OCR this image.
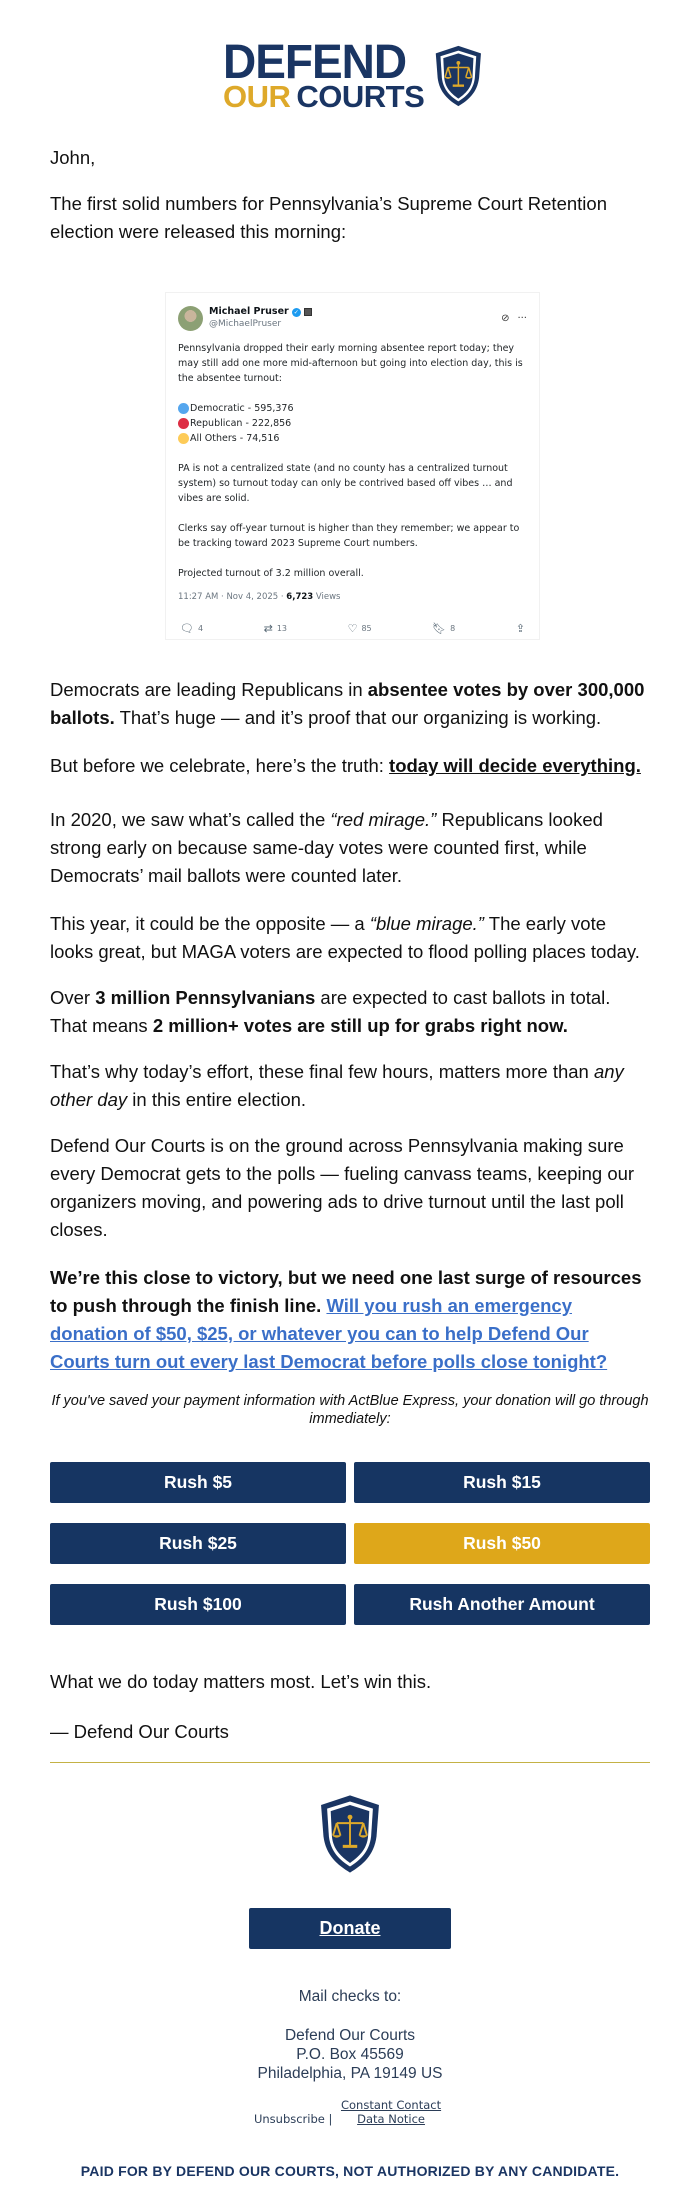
DEFEND
OUR COURTS
John,
The first solid numbers for Pennsylvania’s Supreme Court Retention election were released this morning:
Michael Pruser ✓
@MichaelPruser
⊘ ···

Pennsylvania dropped their early morning absentee report today; they may still add one more mid-afternoon but going into election day, this is the absentee turnout:

Democratic - 595,376
Republican - 222,856
All Others - 74,516

PA is not a centralized state (and no county has a centralized turnout system) so turnout today can only be contrived based off vibes … and vibes are solid.

Clerks say off-year turnout is higher than they remember; we appear to be tracking toward 2023 Supreme Court numbers.

Projected turnout of 3.2 million overall.

11:27 AM · Nov 4, 2025 · 6,723 Views
🗨 4	⇄ 13	♡ 85	🔖︎ 8	⇪
Democrats are leading Republicans in absentee votes by over 300,000 ballots. That’s huge — and it’s proof that our organizing is working.
But before we celebrate, here’s the truth: today will decide everything.
In 2020, we saw what’s called the “red mirage.” Republicans looked strong early on because same-day votes were counted first, while Democrats’ mail ballots were counted later.
This year, it could be the opposite — a “blue mirage.” The early vote looks great, but MAGA voters are expected to flood polling places today.
Over 3 million Pennsylvanians are expected to cast ballots in total. That means 2 million+ votes are still up for grabs right now.
That’s why today’s effort, these final few hours, matters more than any other day in this entire election.
Defend Our Courts is on the ground across Pennsylvania making sure every Democrat gets to the polls — fueling canvass teams, keeping our organizers moving, and powering ads to drive turnout until the last poll closes.
We’re this close to victory, but we need one last surge of resources to push through the finish line. Will you rush an emergency donation of $50, $25, or whatever you can to help Defend Our Courts turn out every last Democrat before polls close tonight?
If you've saved your payment information with ActBlue Express, your donation will go through immediately:
Rush $5	Rush $15
Rush $25	Rush $50
Rush $100	Rush Another Amount
What we do today matters most. Let’s win this.
— Defend Our Courts
Donate
Mail checks to:
Defend Our Courts
P.O. Box 45569
Philadelphia, PA 19149 US
Unsubscribe | Constant Contact Data Notice
PAID FOR BY DEFEND OUR COURTS, NOT AUTHORIZED BY ANY CANDIDATE.
